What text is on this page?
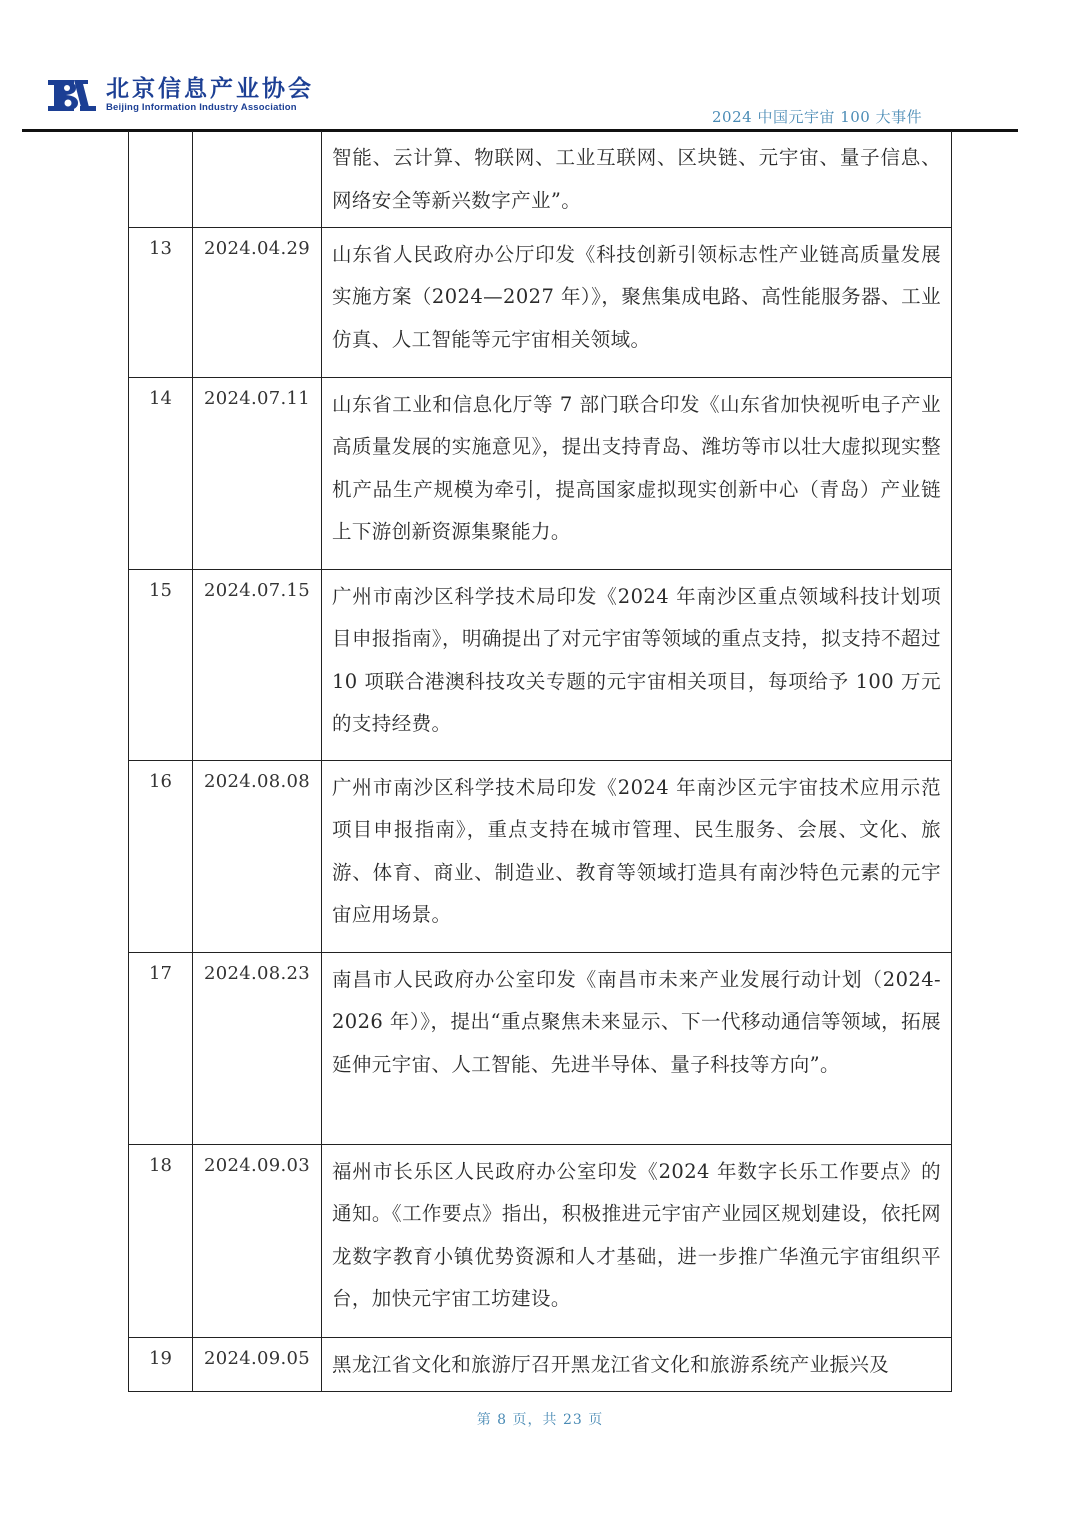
北京信息产业协会
Beijing Information Industry Association
2024 中国元宇宙 100 大事件
		智能、云计算、物联网、工业互联网、区块链、元宇宙、量子信息、网络安全等新兴数字产业”。
13	2024.04.29	山东省人民政府办公厅印发《科技创新引领标志性产业链高质量发展实施方案（2024—2027 年）》，聚焦集成电路、高性能服务器、工业仿真、人工智能等元宇宙相关领域。
14	2024.07.11	山东省工业和信息化厅等 7 部门联合印发《山东省加快视听电子产业高质量发展的实施意见》，提出支持青岛、潍坊等市以壮大虚拟现实整机产品生产规模为牵引，提高国家虚拟现实创新中心（青岛）产业链上下游创新资源集聚能力。
15	2024.07.15	广州市南沙区科学技术局印发《2024 年南沙区重点领域科技计划项目申报指南》，明确提出了对元宇宙等领域的重点支持，拟支持不超过 10 项联合港澳科技攻关专题的元宇宙相关项目，每项给予 100 万元的支持经费。
16	2024.08.08	广州市南沙区科学技术局印发《2024 年南沙区元宇宙技术应用示范项目申报指南》，重点支持在城市管理、民生服务、会展、文化、旅游、体育、商业、制造业、教育等领域打造具有南沙特色元素的元宇宙应用场景。
17	2024.08.23	南昌市人民政府办公室印发《南昌市未来产业发展行动计划（2024-2026 年）》，提出“重点聚焦未来显示、下一代移动通信等领域，拓展延伸元宇宙、人工智能、先进半导体、量子科技等方向”。
18	2024.09.03	福州市长乐区人民政府办公室印发《2024 年数字长乐工作要点》的通知。《工作要点》指出，积极推进元宇宙产业园区规划建设，依托网龙数字教育小镇优势资源和人才基础，进一步推广华渔元宇宙组织平台，加快元宇宙工坊建设。
19	2024.09.05	黑龙江省文化和旅游厅召开黑龙江省文化和旅游系统产业振兴及
第 8 页，共 23 页
